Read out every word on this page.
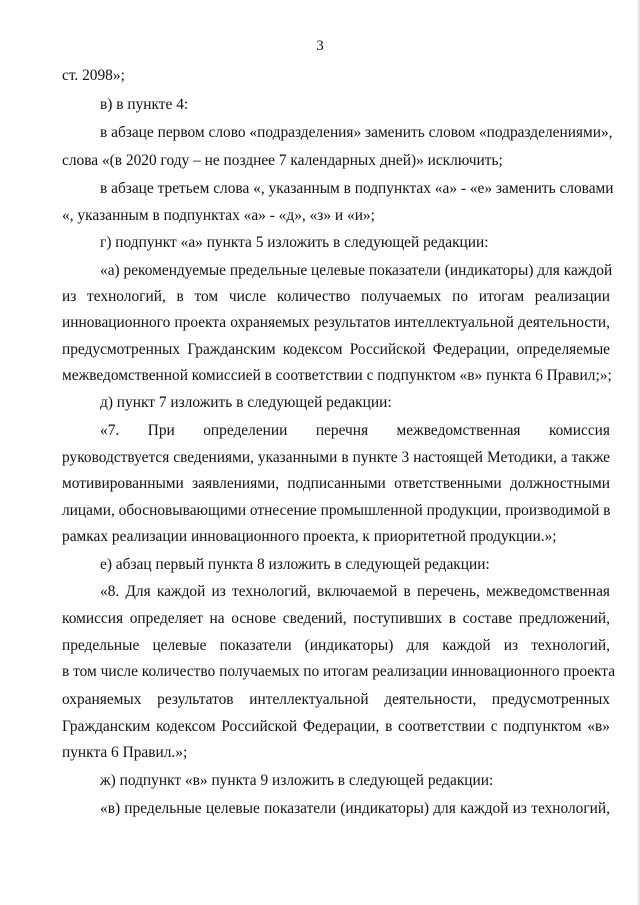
3
ст. 2098»;
в) в пункте 4:
в абзаце первом слово «подразделения» заменить словом «подразделениями»,
слова «(в 2020 году – не позднее 7 календарных дней)» исключить;
в абзаце третьем слова «, указанным в подпунктах «а» - «е» заменить словами
«, указанным в подпунктах «а» - «д», «з» и «и»;
г) подпункт «а» пункта 5 изложить в следующей редакции:
«а) рекомендуемые предельные целевые показатели (индикаторы) для каждой
из технологий, в том числе количество получаемых по итогам реализации
инновационного проекта охраняемых результатов интеллектуальной деятельности,
предусмотренных Гражданским кодексом Российской Федерации, определяемые
межведомственной комиссией в соответствии с подпунктом «в» пункта 6 Правил;»;
д) пункт 7 изложить в следующей редакции:
«7. При определении перечня межведомственная комиссия
руководствуется сведениями, указанными в пункте 3 настоящей Методики, а также
мотивированными заявлениями, подписанными ответственными должностными
лицами, обосновывающими отнесение промышленной продукции, производимой в
рамках реализации инновационного проекта, к приоритетной продукции.»;
е) абзац первый пункта 8 изложить в следующей редакции:
«8. Для каждой из технологий, включаемой в перечень, межведомственная
комиссия определяет на основе сведений, поступивших в составе предложений,
предельные целевые показатели (индикаторы) для каждой из технологий,
в том числе количество получаемых по итогам реализации инновационного проекта
охраняемых результатов интеллектуальной деятельности, предусмотренных
Гражданским кодексом Российской Федерации, в соответствии с подпунктом «в»
пункта 6 Правил.»;
ж) подпункт «в» пункта 9 изложить в следующей редакции:
«в) предельные целевые показатели (индикаторы) для каждой из технологий,
